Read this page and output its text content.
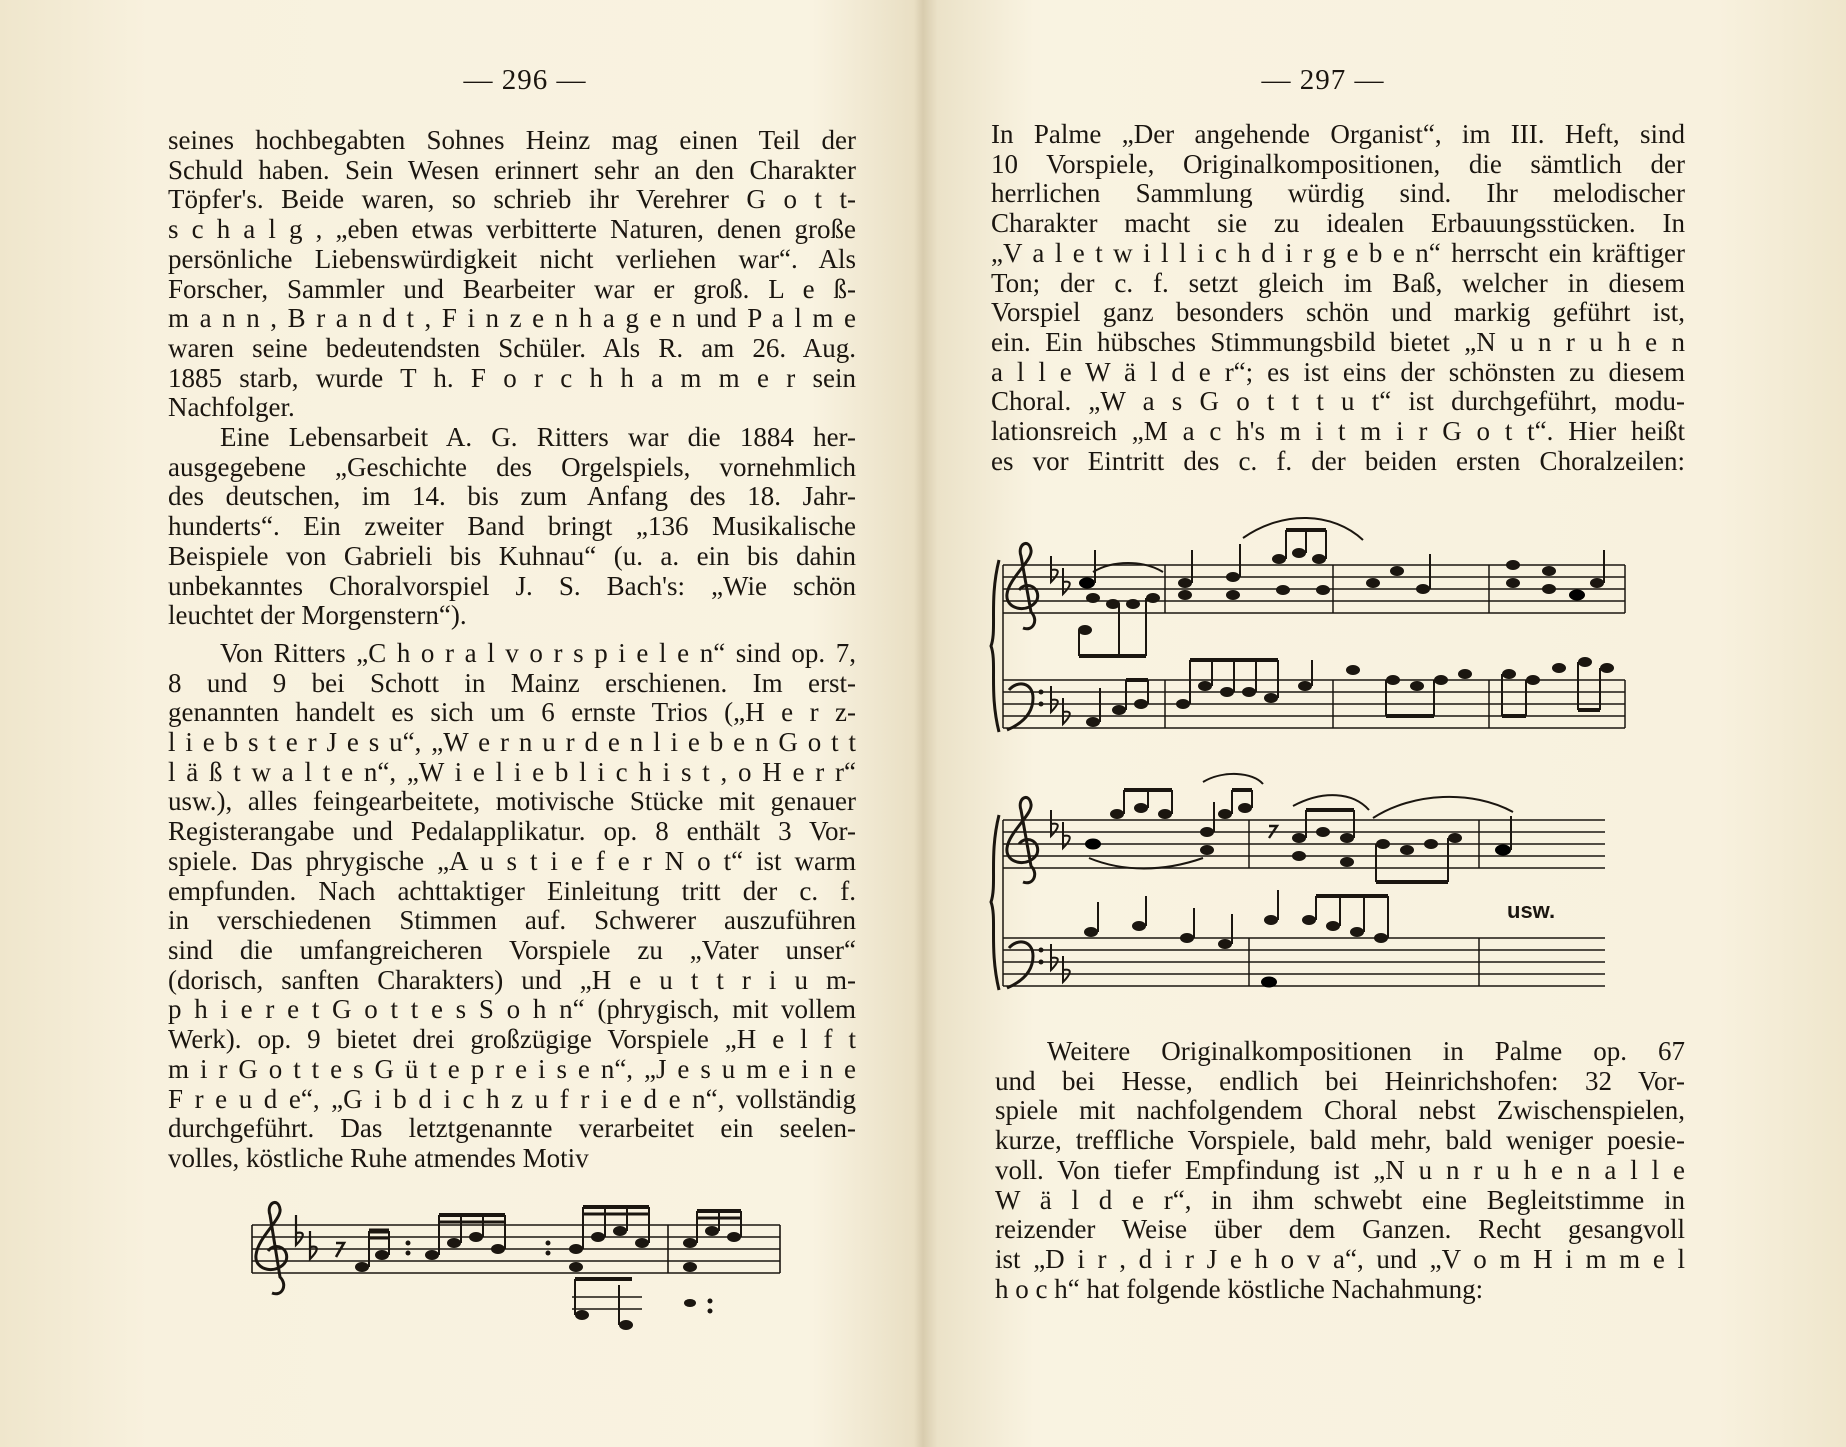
— 296 —
seines hochbegabten Sohnes Heinz mag einen Teil der
Schuld haben. Sein Wesen erinnert sehr an den Charakter
Töpfer's. Beide waren, so schrieb ihr Verehrer G o t t-
s c h a l g , „eben etwas verbitterte Naturen, denen große
persönliche Liebenswürdigkeit nicht verliehen war“. Als
Forscher, Sammler und Bearbeiter war er groß. L e ß-
m a n n , B r a n d t , F i n z e n h a g e n und P a l m e
waren seine bedeutendsten Schüler. Als R. am 26. Aug.
1885 starb, wurde T h. F o r c h h a m m e r sein
Nachfolger.
Eine Lebensarbeit A. G. Ritters war die 1884 her-
ausgegebene „Geschichte des Orgelspiels, vornehmlich
des deutschen, im 14. bis zum Anfang des 18. Jahr-
hunderts“. Ein zweiter Band bringt „136 Musikalische
Beispiele von Gabrieli bis Kuhnau“ (u. a. ein bis dahin
unbekanntes Choralvorspiel J. S. Bach's: „Wie schön
leuchtet der Morgenstern“).
Von Ritters „C h o r a l v o r s p i e l e n“ sind op. 7,
8 und 9 bei Schott in Mainz erschienen. Im erst-
genannten handelt es sich um 6 ernste Trios („H e r z-
l i e b s t e r J e s u“, „W e r n u r d e n l i e b e n G o t t
l ä ß t w a l t e n“, „W i e l i e b l i c h i s t , o H e r r“
usw.), alles feingearbeitete, motivische Stücke mit genauer
Registerangabe und Pedalapplikatur. op. 8 enthält 3 Vor-
spiele. Das phrygische „A u s t i e f e r N o t“ ist warm
empfunden. Nach achttaktiger Einleitung tritt der c. f.
in verschiedenen Stimmen auf. Schwerer auszuführen
sind die umfangreicheren Vorspiele zu „Vater unser“
(dorisch, sanften Charakters) und „H e u t t r i u m-
p h i e r e t G o t t e s S o h n“ (phrygisch, mit vollem
Werk). op. 9 bietet drei großzügige Vorspiele „H e l f t
m i r G o t t e s G ü t e p r e i s e n“, „J e s u m e i n e
F r e u d e“, „G i b d i c h z u f r i e d e n“, vollständig
durchgeführt. Das letztgenannte verarbeitet ein seelen-
volles, köstliche Ruhe atmendes Motiv
— 297 —
In Palme „Der angehende Organist“, im III. Heft, sind
10 Vorspiele, Originalkompositionen, die sämtlich der
herrlichen Sammlung würdig sind. Ihr melodischer
Charakter macht sie zu idealen Erbauungsstücken. In
„V a l e t w i l l i c h d i r g e b e n“ herrscht ein kräftiger
Ton; der c. f. setzt gleich im Baß, welcher in diesem
Vorspiel ganz besonders schön und markig geführt ist,
ein. Ein hübsches Stimmungsbild bietet „N u n r u h e n
a l l e W ä l d e r“; es ist eins der schönsten zu diesem
Choral. „W a s G o t t t u t“ ist durchgeführt, modu-
lationsreich „M a c h's m i t m i r G o t t“. Hier heißt
es vor Eintritt des c. f. der beiden ersten Choralzeilen:
usw.
Weitere Originalkompositionen in Palme op. 67
und bei Hesse, endlich bei Heinrichshofen: 32 Vor-
spiele mit nachfolgendem Choral nebst Zwischenspielen,
kurze, treffliche Vorspiele, bald mehr, bald weniger poesie-
voll. Von tiefer Empfindung ist „N u n r u h e n a l l e
W ä l d e r“, in ihm schwebt eine Begleitstimme in
reizender Weise über dem Ganzen. Recht gesangvoll
ist „D i r , d i r J e h o v a“, und „V o m H i m m e l
h o c h“ hat folgende köstliche Nachahmung:
